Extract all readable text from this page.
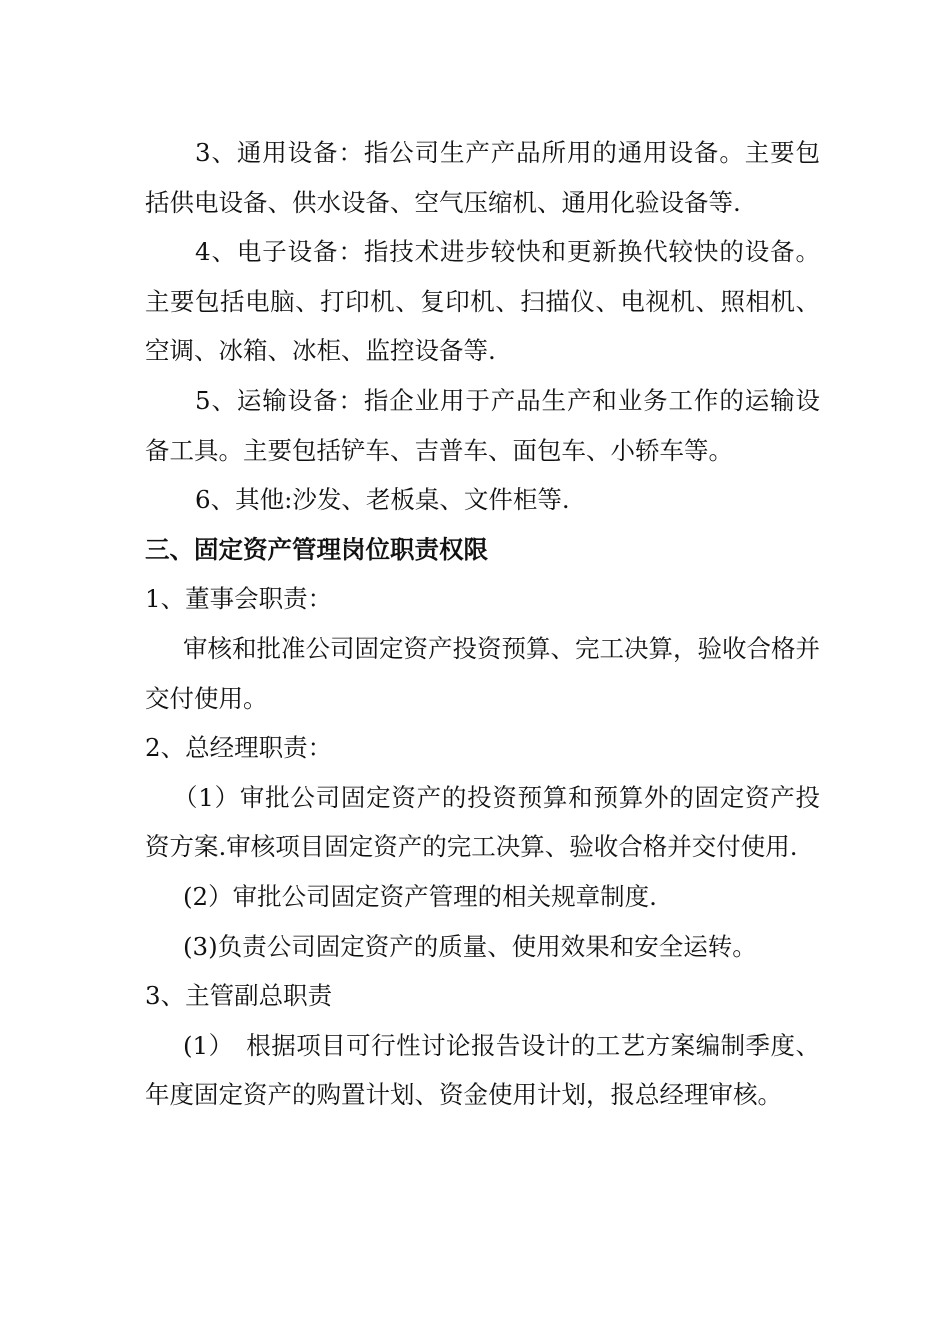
3、通用设备：指公司生产产品所用的通用设备。主要包括供电设备、供水设备、空气压缩机、通用化验设备等.

4、电子设备：指技术进步较快和更新换代较快的设备。主要包括电脑、打印机、复印机、扫描仪、电视机、照相机、空调、冰箱、冰柜、监控设备等.

5、运输设备：指企业用于产品生产和业务工作的运输设备工具。主要包括铲车、吉普车、面包车、小轿车等。

6、其他:沙发、老板桌、文件柜等.

三、固定资产管理岗位职责权限

1、董事会职责：

审核和批准公司固定资产投资预算、完工决算，验收合格并交付使用。

2、总经理职责：

（1）审批公司固定资产的投资预算和预算外的固定资产投资方案.审核项目固定资产的完工决算、验收合格并交付使用.

(2）审批公司固定资产管理的相关规章制度.

(3)负责公司固定资产的质量、使用效果和安全运转。

3、主管副总职责

(1）　根据项目可行性讨论报告设计的工艺方案编制季度、年度固定资产的购置计划、资金使用计划，报总经理审核。
